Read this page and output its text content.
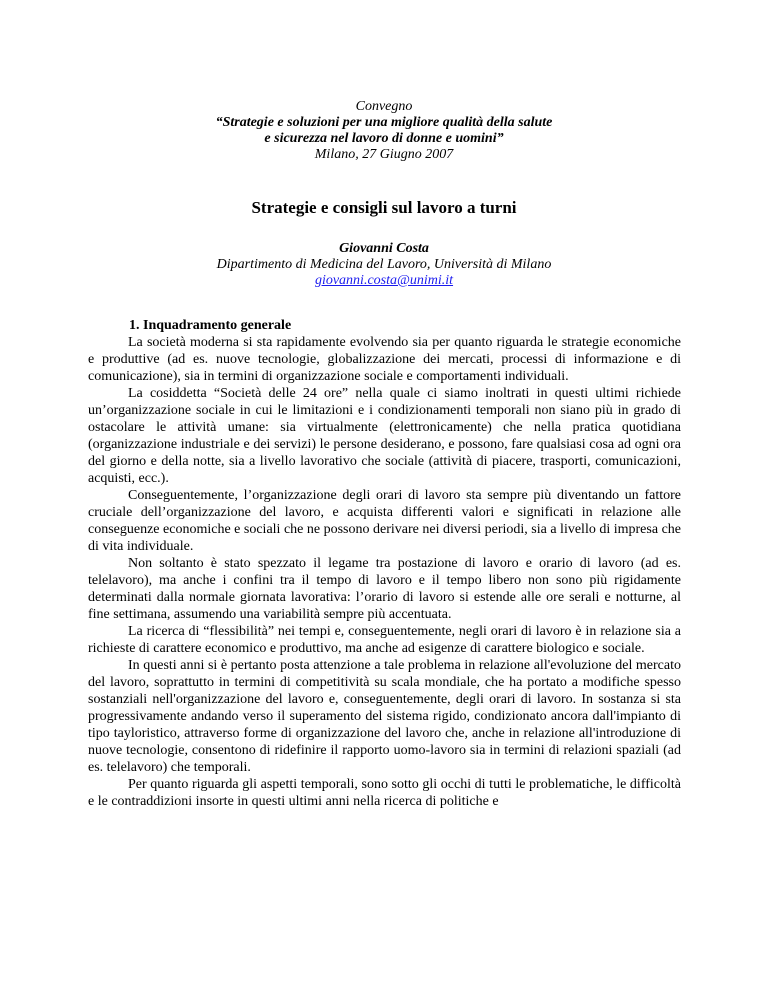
Convegno
“Strategie e soluzioni per una migliore qualità della salute
e sicurezza nel lavoro di donne e uomini”
Milano, 27 Giugno 2007
Strategie e consigli sul lavoro a turni
Giovanni Costa
Dipartimento di Medicina del Lavoro, Università di Milano
giovanni.costa@unimi.it
1. Inquadramento generale

La società moderna si sta rapidamente evolvendo sia per quanto riguarda le strategie economiche e produttive (ad es. nuove tecnologie, globalizzazione dei mercati, processi di informazione e di comunicazione), sia in termini di organizzazione sociale e comportamenti individuali.

La cosiddetta “Società delle 24 ore” nella quale ci siamo inoltrati in questi ultimi richiede un’organizzazione sociale in cui le limitazioni e i condizionamenti temporali non siano più in grado di ostacolare le attività umane: sia virtualmente (elettronicamente) che nella pratica quotidiana (organizzazione industriale e dei servizi) le persone desiderano, e possono, fare qualsiasi cosa ad ogni ora del giorno e della notte, sia a livello lavorativo che sociale (attività di piacere, trasporti, comunicazioni, acquisti, ecc.).

Conseguentemente, l’organizzazione degli orari di lavoro sta sempre più diventando un fattore cruciale dell’organizzazione del lavoro, e acquista differenti valori e significati in relazione alle conseguenze economiche e sociali che ne possono derivare nei diversi periodi, sia a livello di impresa che di vita individuale.

Non soltanto è stato spezzato il legame tra postazione di lavoro e orario di lavoro (ad es. telelavoro), ma anche i confini tra il tempo di lavoro e il tempo libero non sono più rigidamente determinati dalla normale giornata lavorativa: l’orario di lavoro si estende alle ore serali e notturne, al fine settimana, assumendo una variabilità sempre più accentuata.

La ricerca di “flessibilità” nei tempi e, conseguentemente, negli orari di lavoro è in relazione sia a richieste di carattere economico e produttivo, ma anche ad esigenze di carattere biologico e sociale.

In questi anni si è pertanto posta attenzione a tale problema in relazione all'evoluzione del mercato del lavoro, soprattutto in termini di competitività su scala mondiale, che ha portato a modifiche spesso sostanziali nell'organizzazione del lavoro e, conseguentemente, degli orari di lavoro. In sostanza si sta progressivamente andando verso il superamento del sistema rigido, condizionato ancora dall'impianto di tipo tayloristico, attraverso forme di organizzazione del lavoro che, anche in relazione all'introduzione di nuove tecnologie, consentono di ridefinire il rapporto uomo-lavoro sia in termini di relazioni spaziali (ad es. telelavoro) che temporali.

Per quanto riguarda gli aspetti temporali, sono sotto gli occhi di tutti le problematiche, le difficoltà e le contraddizioni insorte in questi ultimi anni nella ricerca di politiche e
